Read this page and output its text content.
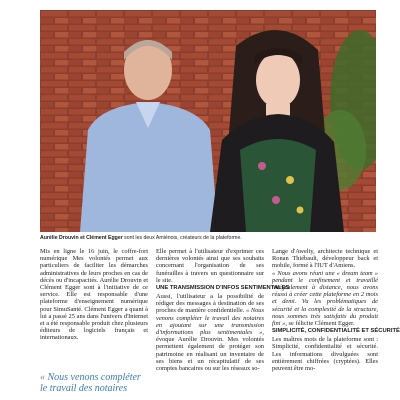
Aurélie Drouvin et Clément Egger sont les deux Amiénois, créateurs de la plateforme.

Mis en ligne le 16 juin, le coffre-fort numérique Mes volontés permet aux particuliers de faciliter les démarches administratives de leurs proches en cas de décès ou d'incapacités. Aurélie Drouvin et Clément Egger sont à l'initiative de ce service. Elle est responsable d'une plateforme d'enseignement numérique pour SimuSanté. Clément Egger a quant à lui a passé 25 ans dans l'univers d'Internet et a été responsable produit chez plusieurs éditeurs de logiciels français et internationaux.

« Nous venons compléter le travail des notaires

Elle permet à l'utilisateur d'exprimer ces dernières volontés ainsi que ses souhaits concernant l'organisation de ses funérailles à travers un questionnaire sur le site.

UNE TRANSMISSION D'INFOS SENTIMENTALES

Aussi, l'utilisateur a la possibilité de rédiger des messages à destination de ses proches de manière confidentielle. « Nous venons compléter le travail des notaires en ajoutant sur une transmission d'informations plus sentimentales », évoque Aurélie Drouvin. Mes volontés permettent également de protéger son patrimoine en réalisant un inventaire de ses biens et un récapitulatif de ses comptes bancaires ou sur les réseaux so-

Lange d'Awelty, architecte technique et Ronan Thiébault, développeur back et mobile, formé à l'IUT d'Amiens.

« Nous avons réuni une « dream team » pendant le confinement et travaillé intégralement à distance, nous avons réussi à créer cette plateforme en 2 mois et demi. Vu les problématiques de sécurité et la complexité de la structure, nous sommes très satisfaits du produit fini », se félicite Clément Egger.

SIMPLICITÉ, CONFIDENTIALITÉ ET SÉCURITÉ

Les maîtres mots de la plateforme sont : Simplicité, confidentialité et sécurité. Les informations divulguées sont entièrement chiffrées (cryptées). Elles peuvent être mo-
